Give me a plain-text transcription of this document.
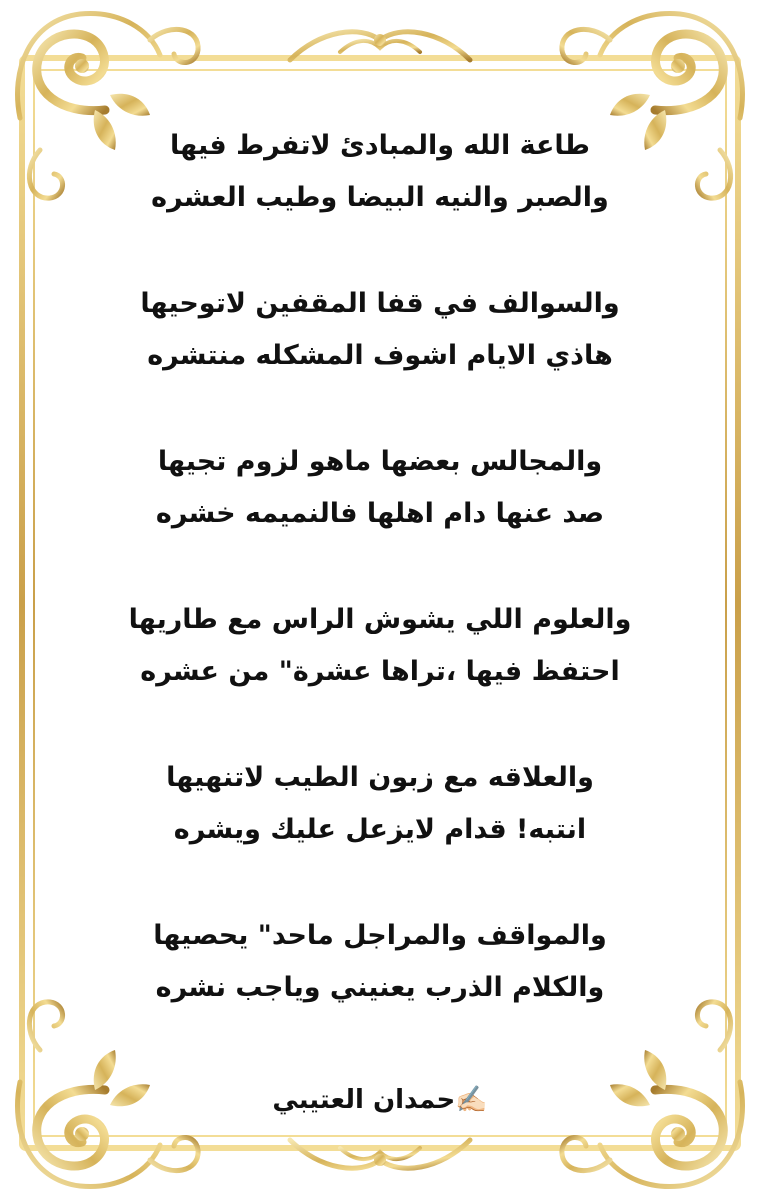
طاعة الله والمبادئ لاتفرط فيها
والصبر والنيه البيضا وطيب العشره
والسوالف في قفا المقفين لاتوحيها
هاذي الايام اشوف المشكله منتشره
والمجالس بعضها ماهو لزوم تجيها
صد عنها دام اهلها فالنميمه خشره
والعلوم اللي يشوش الراس مع طاريها
احتفظ فيها ،تراها عشرة" من عشره
والعلاقه مع زبون الطيب لاتنهيها
انتبه! قدام لايزعل عليك ويشره
والمواقف والمراجل ماحد" يحصيها
والكلام الذرب يعنيني وياجب نشره
✍🏻حمدان العتيبي
